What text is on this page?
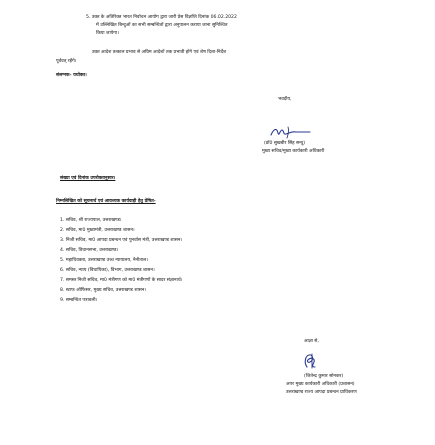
5. उक्त के अतिरिक्त भारत निर्वाचन आयोग द्वारा जारी प्रेस विज्ञप्ति दिनांक 06.02.2022
में उल्लिखित बिन्दुओं का सभी सम्बन्धितों द्वारा अनुपालन कराया जाना सुनिश्चित
किया जायेगा।
उक्त आदेश तत्काल प्रभाव से अग्रिम आदेशों तक प्रभावी होंगे एवं शेष दिशा-निर्देश
पूर्ववत् रहेंगे।
संलग्नक- यथोक्त।
भवदीय,
(डॉ0 सुखबीर सिंह सन्धु)
मुख्य सचिव/मुख्य कार्यकारी अधिकारी
संख्या एवं दिनांक उपरोक्तानुसार।
निम्नलिखित को सूचनार्थ एवं आवश्यक कार्यवाही हेतु प्रेषित-
1. सचिव, श्री राज्यपाल, उत्तराखण्ड।
2. सचिव, मा0 मुख्यमंत्री, उत्तराखण्ड शासन।
3. निजी सचिव, मा0 आपदा प्रबन्धन एवं पुनर्वास मंत्री, उत्तराखण्ड शासन।
4. सचिव, विधानसभा, उत्तराखण्ड।
5. महाधिवक्ता, उत्तराखण्ड उच्च न्यायालय, नैनीताल।
6. सचिव, न्याय (विधायिका), विभाग, उत्तराखण्ड शासन।
7. समस्त निजी सचिव, मा0 मंत्रीगण को मा0 मंत्रीगणों के सादर संज्ञानार्थ।
8. स्टाफ ऑफिसर, मुख्य सचिव, उत्तराखण्ड शासन।
9. सम्बन्धित पत्रावली।
आज्ञा से,
(जितेन्द्र कुमार सोनकर)
अपर मुख्य कार्यकारी अधिकारी (प्रशासन)
उत्तराखण्ड राज्य आपदा प्रबन्धन प्राधिकरण
